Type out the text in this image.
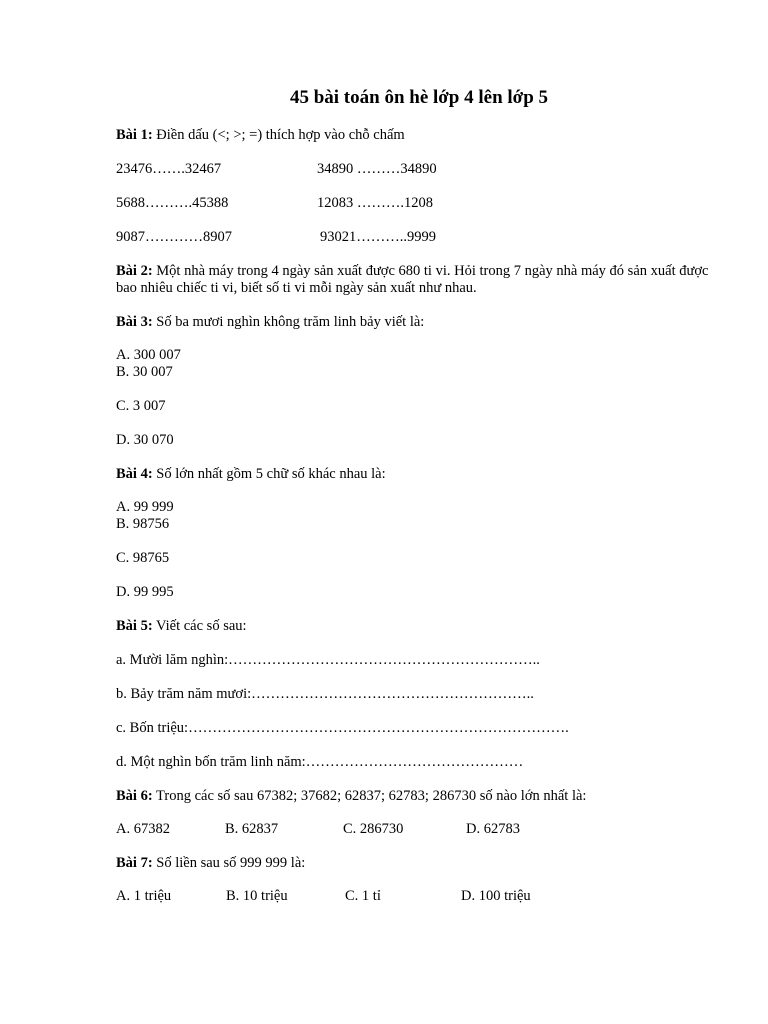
45 bài toán ôn hè lớp 4 lên lớp 5
Bài 1: Điền dấu (<; >; =) thích hợp vào chỗ chấm
23476…….32467	34890 ………34890
5688……….45388	12083 ……….1208
9087…………8907	93021………..9999
Bài 2: Một nhà máy trong 4 ngày sản xuất được 680 ti vi. Hỏi trong 7 ngày nhà máy đó sản xuất được bao nhiêu chiếc ti vi, biết số ti vi mỗi ngày sản xuất như nhau.
Bài 3: Số ba mươi nghìn không trăm linh bảy viết là:
A. 300 007
B. 30 007
C. 3 007
D. 30 070
Bài 4: Số lớn nhất gồm 5 chữ số khác nhau là:
A. 99 999
B. 98756
C. 98765
D. 99 995
Bài 5: Viết các số sau:
a. Mười lăm nghìn:………………………………………………………..
b. Bảy trăm năm mươi:…………………………………………………..
c. Bốn triệu:…………………………………………………………………….
d. Một nghìn bốn trăm linh năm:………………………………………
Bài 6: Trong các số sau 67382; 37682; 62837; 62783; 286730 số nào lớn nhất là:
A. 67382	B. 62837	C. 286730	D. 62783
Bài 7: Số liền sau số 999 999 là:
A. 1 triệu	B. 10 triệu	C. 1 tỉ	D. 100 triệu
